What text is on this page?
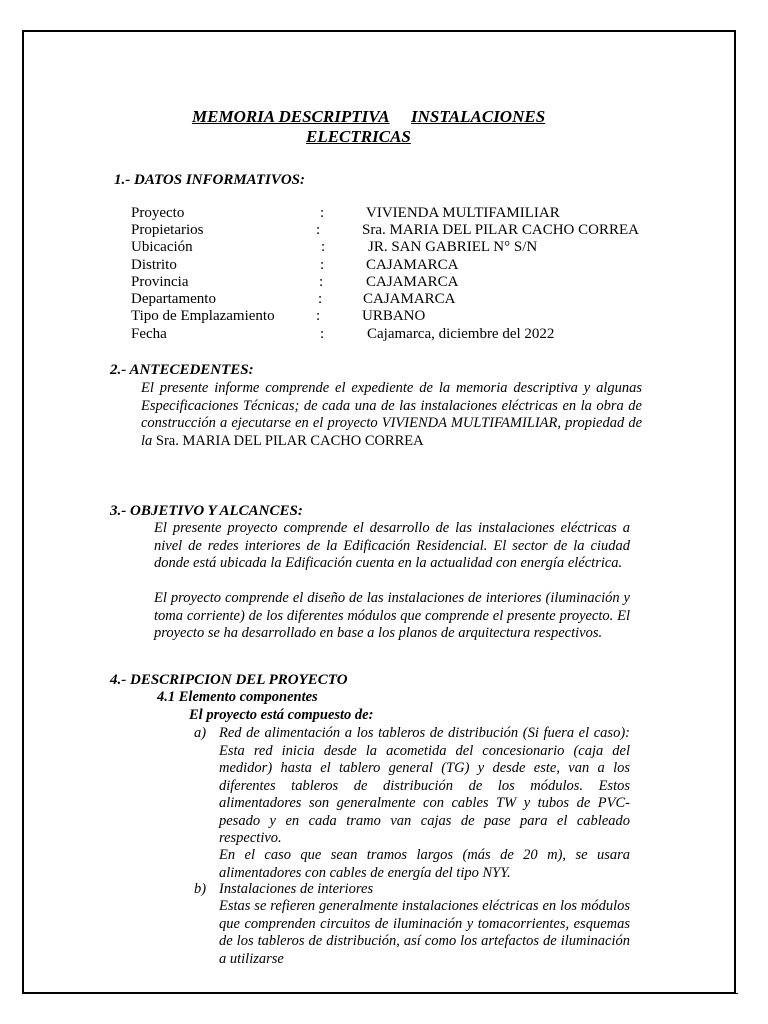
MEMORIA DESCRIPTIVA INSTALACIONES
ELECTRICAS
1.- DATOS INFORMATIVOS:
Proyecto	:	VIVIENDA MULTIFAMILIAR
Propietarios	:	Sra. MARIA DEL PILAR CACHO CORREA
Ubicación	:	JR. SAN GABRIEL N° S/N
Distrito	:	CAJAMARCA
Provincia	:	CAJAMARCA
Departamento	:	CAJAMARCA
Tipo de Emplazamiento	:	URBANO
Fecha	:	Cajamarca, diciembre del 2022
2.- ANTECEDENTES:
El presente informe comprende el expediente de la memoria descriptiva y algunas Especificaciones Técnicas; de cada una de las instalaciones eléctricas en la obra de construcción a ejecutarse en el proyecto VIVIENDA MULTIFAMILIAR, propiedad de la Sra. MARIA DEL PILAR CACHO CORREA
3.- OBJETIVO Y ALCANCES:
El presente proyecto comprende el desarrollo de las instalaciones eléctricas a nivel de redes interiores de la Edificación Residencial. El sector de la ciudad donde está ubicada la Edificación cuenta en la actualidad con energía eléctrica.
El proyecto comprende el diseño de las instalaciones de interiores (iluminación y toma corriente) de los diferentes módulos que comprende el presente proyecto. El proyecto se ha desarrollado en base a los planos de arquitectura respectivos.
4.- DESCRIPCION DEL PROYECTO
4.1 Elemento componentes
El proyecto está compuesto de:
a) Red de alimentación a los tableros de distribución (Si fuera el caso): Esta red inicia desde la acometida del concesionario (caja del medidor) hasta el tablero general (TG) y desde este, van a los diferentes tableros de distribución de los módulos. Estos alimentadores son generalmente con cables TW y tubos de PVC-pesado y en cada tramo van cajas de pase para el cableado respectivo.
En el caso que sean tramos largos (más de 20 m), se usara alimentadores con cables de energía del tipo NYY.
b) Instalaciones de interiores
Estas se refieren generalmente instalaciones eléctricas en los módulos que comprenden circuitos de iluminación y tomacorrientes, esquemas de los tableros de distribución, así como los artefactos de iluminación a utilizarse
